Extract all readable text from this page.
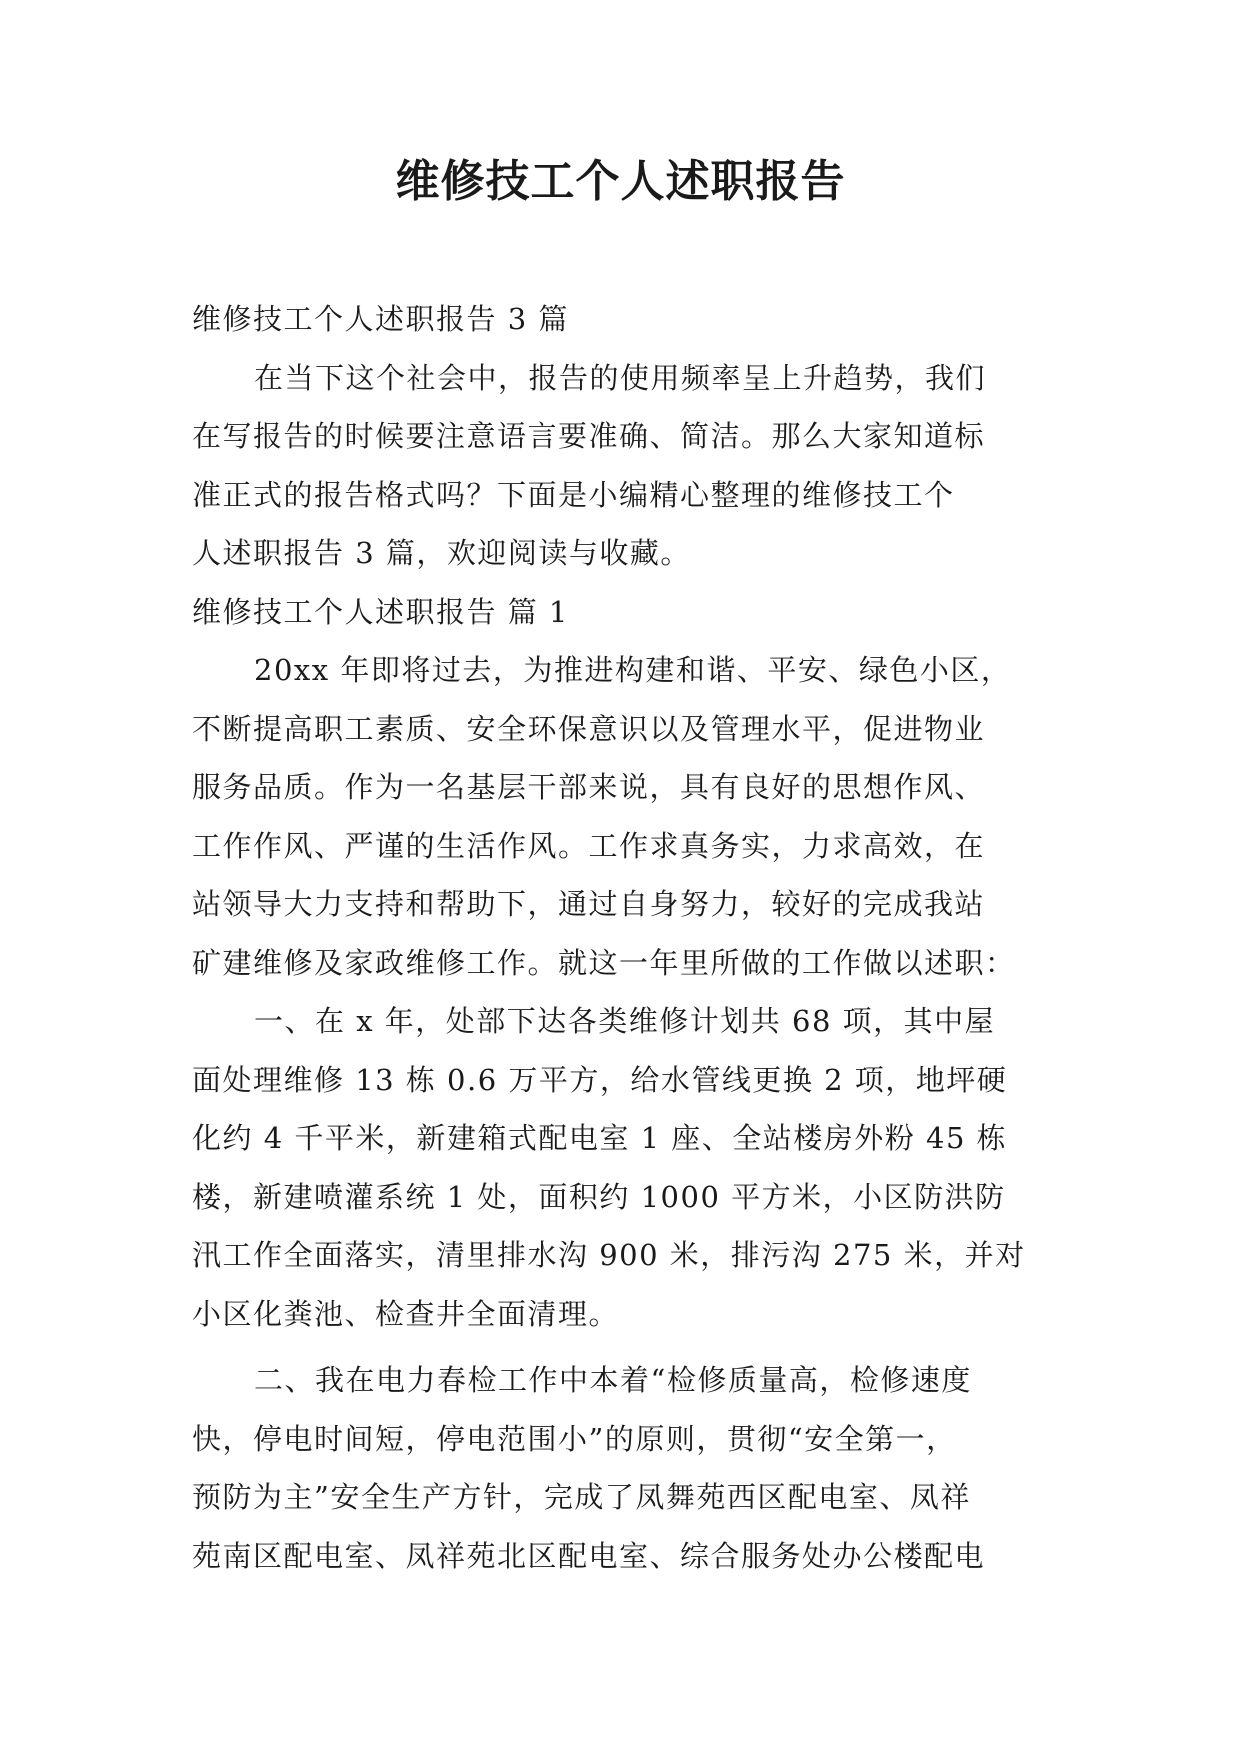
维修技工个人述职报告

维修技工个人述职报告 3 篇

在当下这个社会中，报告的使用频率呈上升趋势，我们

在写报告的时候要注意语言要准确、简洁。那么大家知道标

准正式的报告格式吗？下面是小编精心整理的维修技工个

人述职报告 3 篇，欢迎阅读与收藏。

维修技工个人述职报告 篇 1

20xx 年即将过去，为推进构建和谐、平安、绿色小区，

不断提高职工素质、安全环保意识以及管理水平，促进物业

服务品质。作为一名基层干部来说，具有良好的思想作风、

工作作风、严谨的生活作风。工作求真务实，力求高效，在

站领导大力支持和帮助下，通过自身努力，较好的完成我站

矿建维修及家政维修工作。就这一年里所做的工作做以述职：

一、在 x 年，处部下达各类维修计划共 68 项，其中屋

面处理维修 13 栋 0.6 万平方，给水管线更换 2 项，地坪硬

化约 4 千平米，新建箱式配电室 1 座、全站楼房外粉 45 栋

楼，新建喷灌系统 1 处，面积约 1000 平方米，小区防洪防

汛工作全面落实，清里排水沟 900 米，排污沟 275 米，并对

小区化粪池、检查井全面清理。

二、我在电力春检工作中本着“检修质量高，检修速度

快，停电时间短，停电范围小”的原则，贯彻“安全第一，

预防为主”安全生产方针，完成了凤舞苑西区配电室、凤祥

苑南区配电室、凤祥苑北区配电室、综合服务处办公楼配电
